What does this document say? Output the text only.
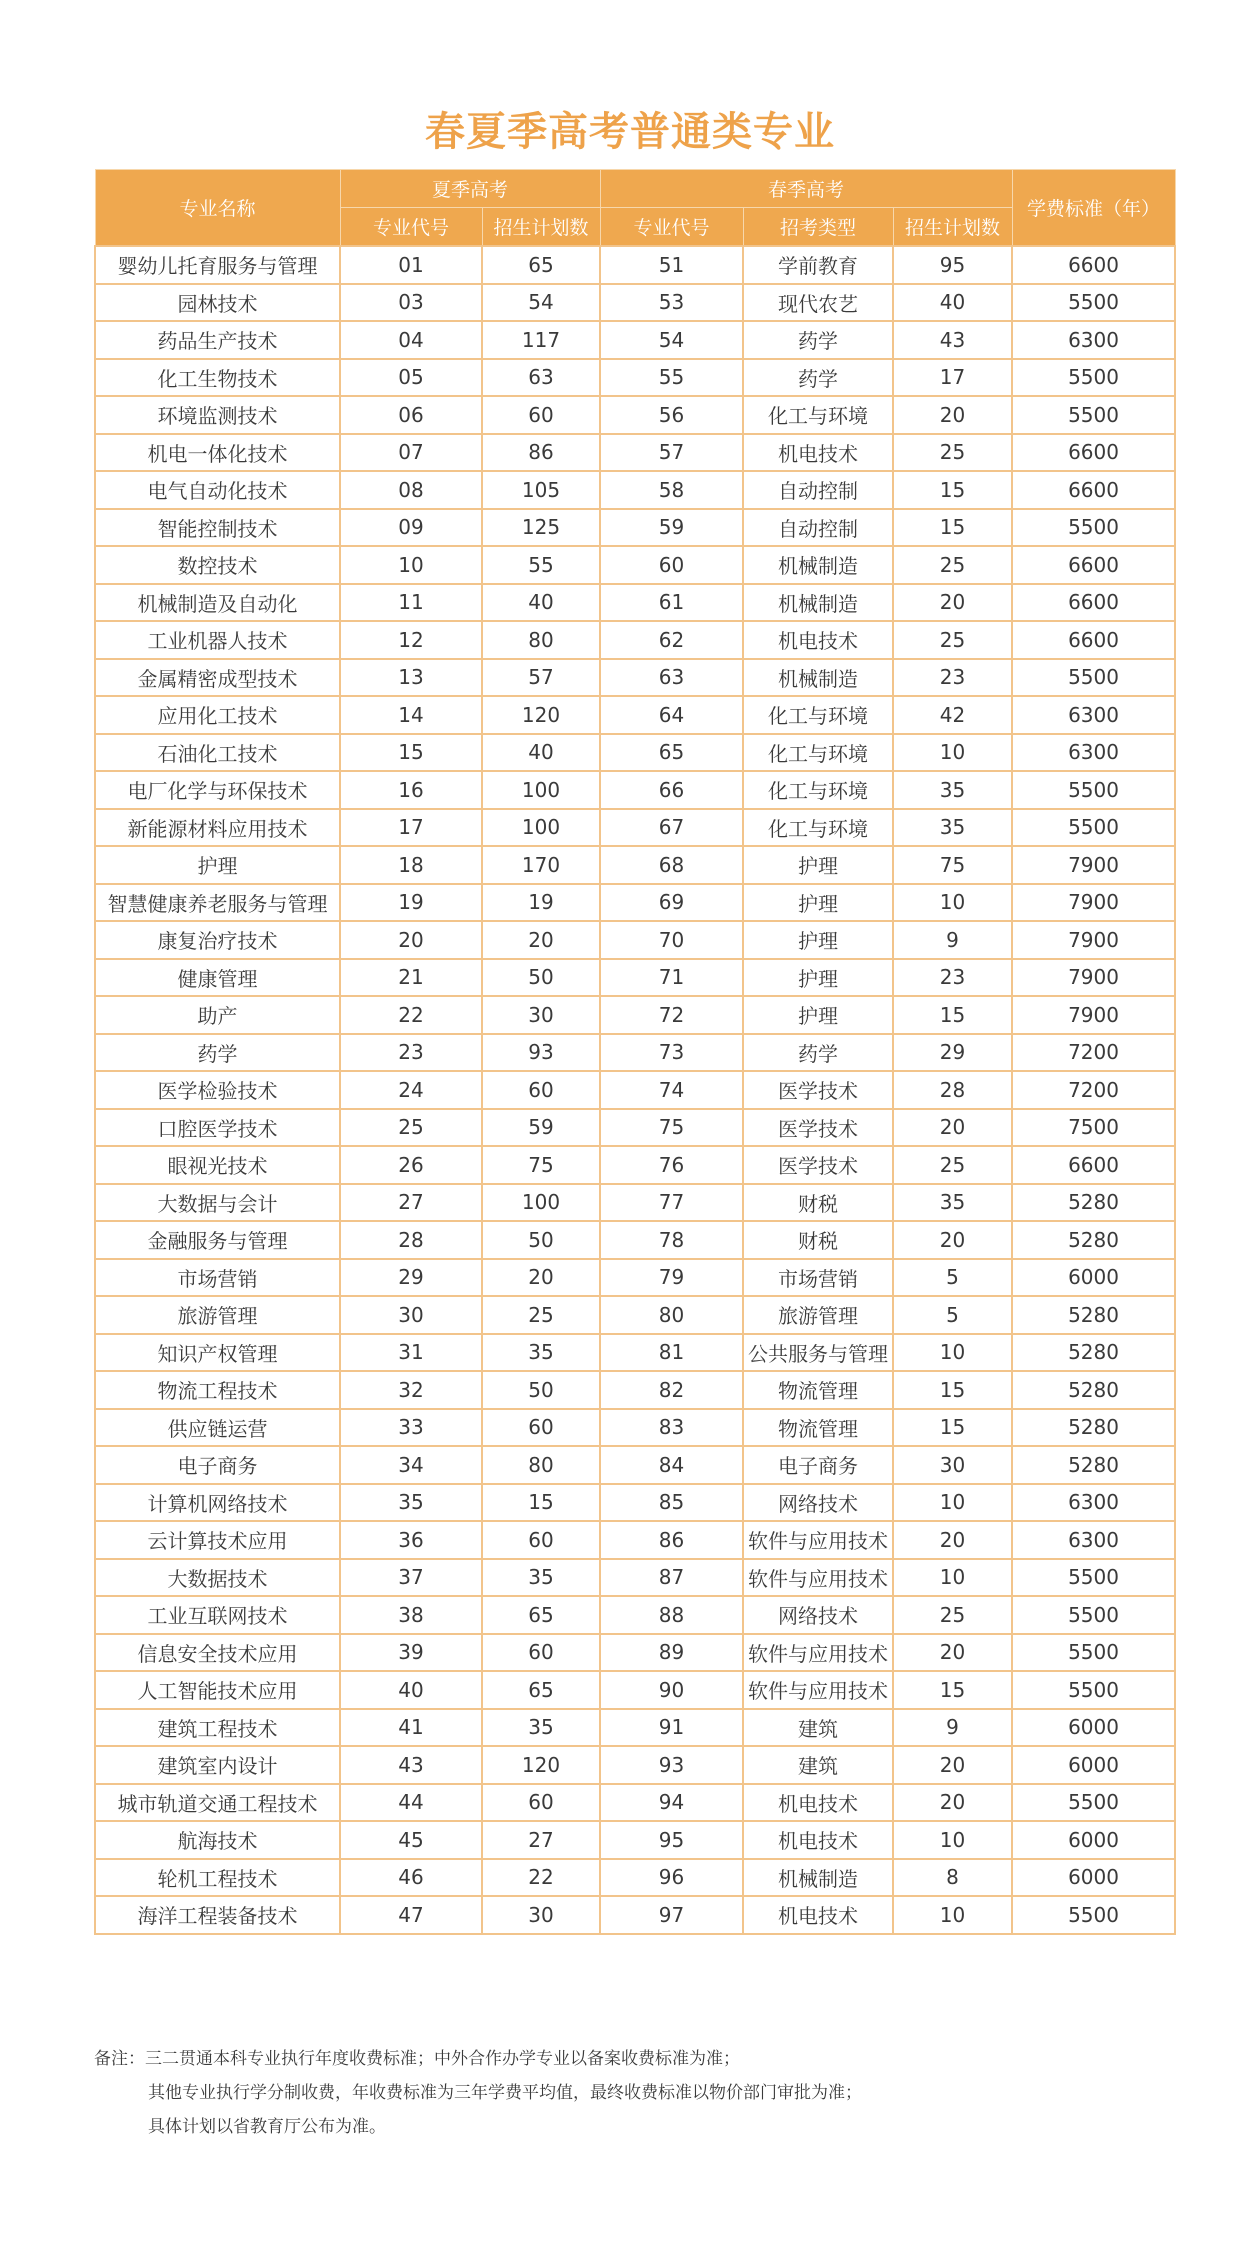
春夏季高考普通类专业
专业名称	夏季高考		春季高考			学费标准（年）
	专业代号	招生计划数	专业代号	招考类型	招生计划数	
婴幼儿托育服务与管理	01	65	51	学前教育	95	6600
园林技术	03	54	53	现代农艺	40	5500
药品生产技术	04	117	54	药学	43	6300
化工生物技术	05	63	55	药学	17	5500
环境监测技术	06	60	56	化工与环境	20	5500
机电一体化技术	07	86	57	机电技术	25	6600
电气自动化技术	08	105	58	自动控制	15	6600
智能控制技术	09	125	59	自动控制	15	5500
数控技术	10	55	60	机械制造	25	6600
机械制造及自动化	11	40	61	机械制造	20	6600
工业机器人技术	12	80	62	机电技术	25	6600
金属精密成型技术	13	57	63	机械制造	23	5500
应用化工技术	14	120	64	化工与环境	42	6300
石油化工技术	15	40	65	化工与环境	10	6300
电厂化学与环保技术	16	100	66	化工与环境	35	5500
新能源材料应用技术	17	100	67	化工与环境	35	5500
护理	18	170	68	护理	75	7900
智慧健康养老服务与管理	19	19	69	护理	10	7900
康复治疗技术	20	20	70	护理	9	7900
健康管理	21	50	71	护理	23	7900
助产	22	30	72	护理	15	7900
药学	23	93	73	药学	29	7200
医学检验技术	24	60	74	医学技术	28	7200
口腔医学技术	25	59	75	医学技术	20	7500
眼视光技术	26	75	76	医学技术	25	6600
大数据与会计	27	100	77	财税	35	5280
金融服务与管理	28	50	78	财税	20	5280
市场营销	29	20	79	市场营销	5	6000
旅游管理	30	25	80	旅游管理	5	5280
知识产权管理	31	35	81	公共服务与管理	10	5280
物流工程技术	32	50	82	物流管理	15	5280
供应链运营	33	60	83	物流管理	15	5280
电子商务	34	80	84	电子商务	30	5280
计算机网络技术	35	15	85	网络技术	10	6300
云计算技术应用	36	60	86	软件与应用技术	20	6300
大数据技术	37	35	87	软件与应用技术	10	5500
工业互联网技术	38	65	88	网络技术	25	5500
信息安全技术应用	39	60	89	软件与应用技术	20	5500
人工智能技术应用	40	65	90	软件与应用技术	15	5500
建筑工程技术	41	35	91	建筑	9	6000
建筑室内设计	43	120	93	建筑	20	6000
城市轨道交通工程技术	44	60	94	机电技术	20	5500
航海技术	45	27	95	机电技术	10	6000
轮机工程技术	46	22	96	机械制造	8	6000
海洋工程装备技术	47	30	97	机电技术	10	5500
备注：三二贯通本科专业执行年度收费标准；中外合作办学专业以备案收费标准为准；
其他专业执行学分制收费，年收费标准为三年学费平均值，最终收费标准以物价部门审批为准；
具体计划以省教育厅公布为准。
